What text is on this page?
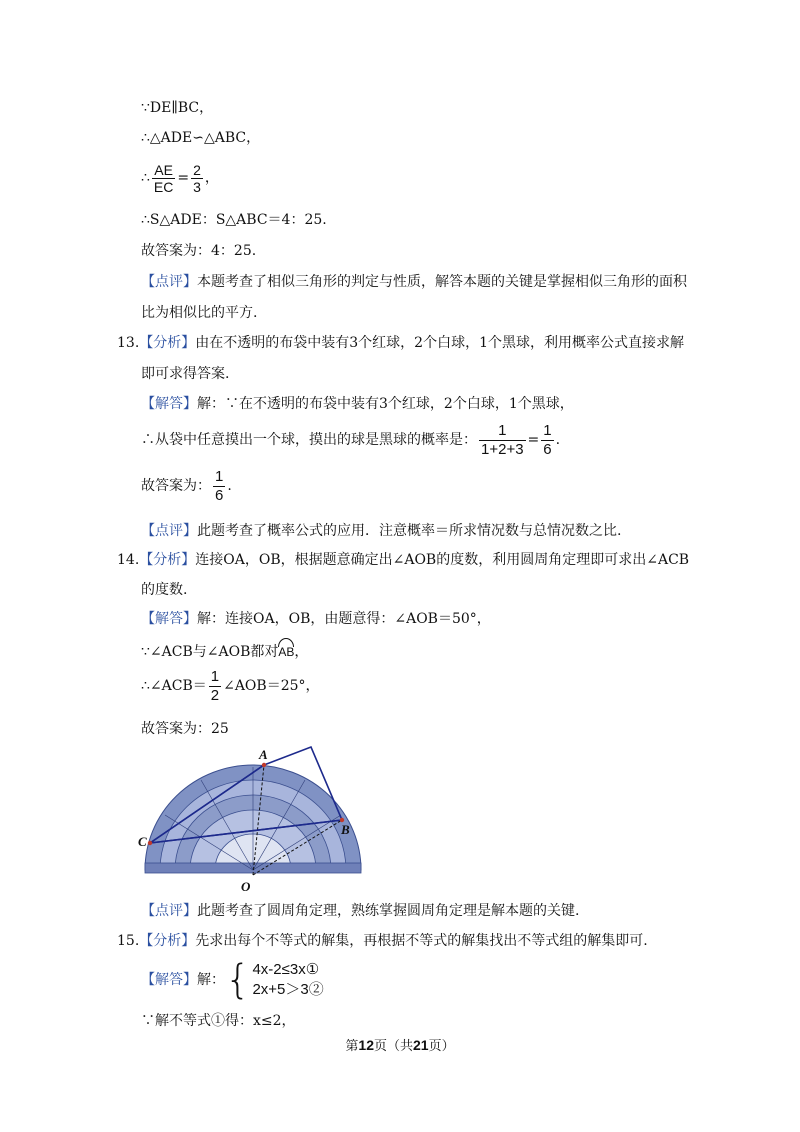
∵DE∥BC，
∴△ADE∽△ABC，
∴ $\frac{AE}{EC} = \frac{2}{3}$ ，
∴S△ADE：S△ABC＝4：25.
故答案为：4：25.
【点评】本题考查了相似三角形的判定与性质，解答本题的关键是掌握相似三角形的面积
比为相似比的平方.
13.【分析】由在不透明的布袋中装有3个红球，2个白球，1个黑球，利用概率公式直接求解
即可求得答案.
【解答】解：∵在不透明的布袋中装有3个红球，2个白球，1个黑球，
∴从袋中任意摸出一个球，摸出的球是黑球的概率是： $\frac{1}{1+2+3} = \frac{1}{6}$ .
故答案为： $\frac{1}{6}$ .
【点评】此题考查了概率公式的应用．注意概率＝所求情况数与总情况数之比.
14.【分析】连接OA，OB，根据题意确定出∠AOB的度数，利用圆周角定理即可求出∠ACB
的度数.
【解答】解：连接OA，OB，由题意得：∠AOB＝50°，
∵∠ACB与∠AOB都对AB，
∴∠ACB＝ $\frac{1}{2}$ ∠AOB＝25°，
故答案为：25
A
B
C
O
【点评】此题考查了圆周角定理，熟练掌握圆周角定理是解本题的关键.
15.【分析】先求出每个不等式的解集，再根据不等式的解集找出不等式组的解集即可.
【解答】解：{ 4x-2≤3x①
2x+5＞3②
∵解不等式①得：x≤2，
第12页（共21页）
